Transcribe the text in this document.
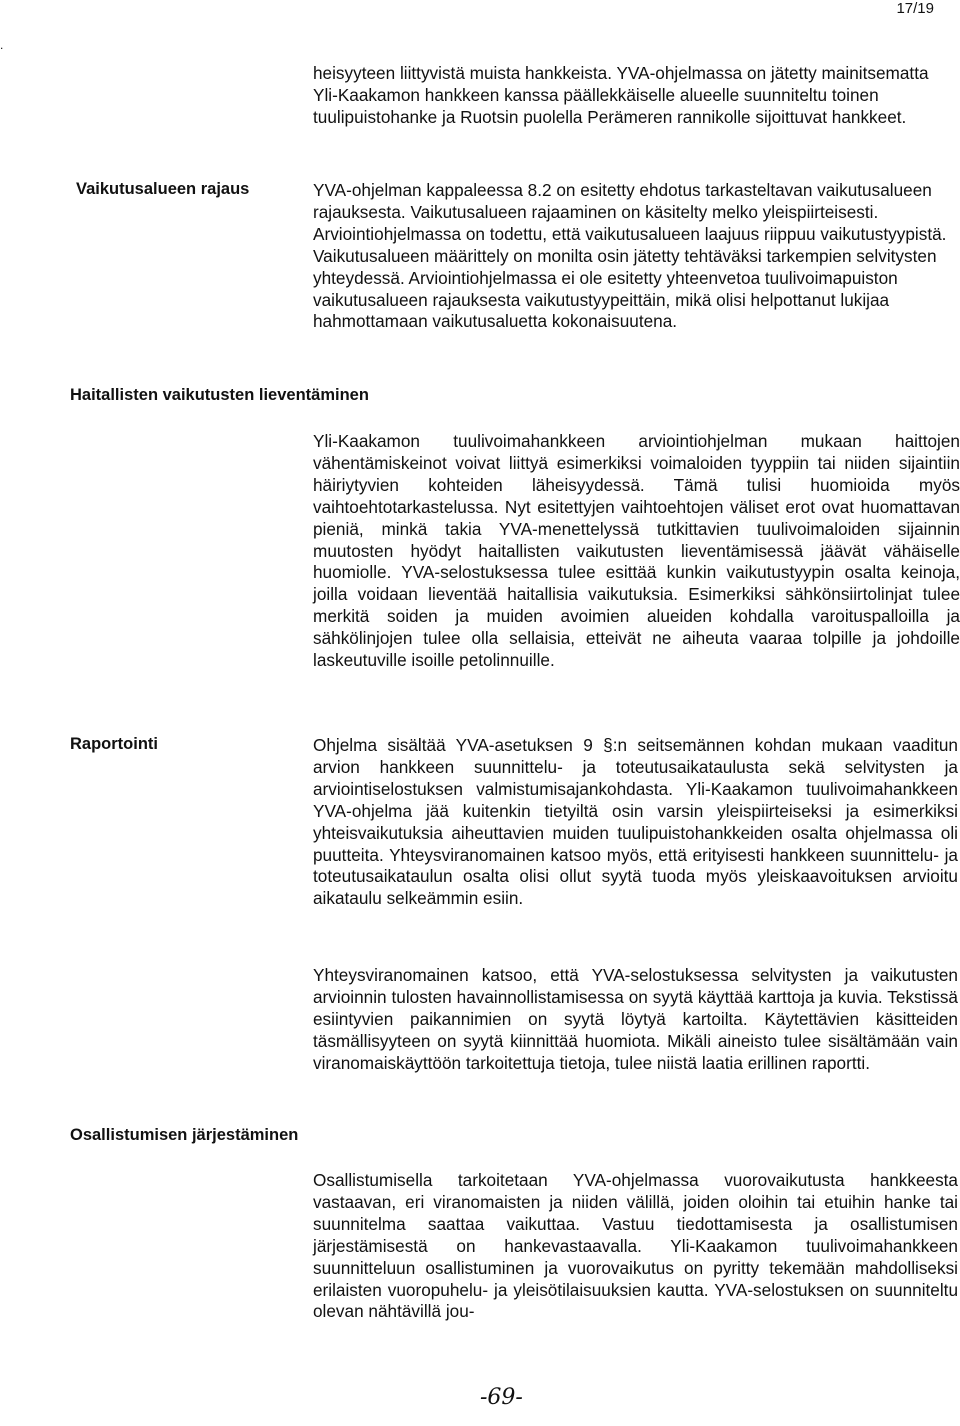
17/19
.

heisyyteen liittyvistä muista hankkeista. YVA-ohjelmassa on jätetty mainitsematta Yli-Kaakamon hankkeen kanssa päällekkäiselle alueelle suunniteltu toinen tuulipuistohanke ja Ruotsin puolella Perämeren rannikolle sijoittuvat hankkeet.

Vaikutusalueen rajaus	YVA-ohjelman kappaleessa 8.2 on esitetty ehdotus tarkasteltavan vaikutusalueen rajauksesta. Vaikutusalueen rajaaminen on käsitelty melko yleispiirteisesti. Arviointiohjelmassa on todettu, että vaikutusalueen laajuus riippuu vaikutustyypistä. Vaikutusalueen määrittely on monilta osin jätetty tehtäväksi tarkempien selvitysten yhteydessä. Arviointiohjelmassa ei ole esitetty yhteenvetoa tuulivoimapuiston vaikutusalueen rajauksesta vaikutustyypeittäin, mikä olisi helpottanut lukijaa hahmottamaan vaikutusaluetta kokonaisuutena.

Haitallisten vaikutusten lieventäminen

Yli-Kaakamon tuulivoimahankkeen arviointiohjelman mukaan haittojen vähentämiskeinot voivat liittyä esimerkiksi voimaloiden tyyppiin tai niiden sijaintiin häiriytyvien kohteiden läheisyydessä. Tämä tulisi huomioida myös vaihtoehtotarkastelussa. Nyt esitettyjen vaihtoehtojen väliset erot ovat huomattavan pieniä, minkä takia YVA-menettelyssä tutkittavien tuulivoimaloiden sijainnin muutosten hyödyt haitallisten vaikutusten lieventämisessä jäävät vähäiselle huomiolle. YVA-selostuksessa tulee esittää kunkin vaikutustyypin osalta keinoja, joilla voidaan lieventää haitallisia vaikutuksia. Esimerkiksi sähkönsiirtolinjat tulee merkitä soiden ja muiden avoimien alueiden kohdalla varoituspalloilla ja sähkölinjojen tulee olla sellaisia, etteivät ne aiheuta vaaraa tolpille ja johdoille laskeutuville isoille petolinnuille.

Raportointi	Ohjelma sisältää YVA-asetuksen 9 §:n seitsemännen kohdan mukaan vaaditun arvion hankkeen suunnittelu- ja toteutusaikataulusta sekä selvitysten ja arviointiselostuksen valmistumisajankohdasta. Yli-Kaakamon tuulivoimahankkeen YVA-ohjelma jää kuitenkin tietyiltä osin varsin yleispiirteiseksi ja esimerkiksi yhteisvaikutuksia aiheuttavien muiden tuulipuistohankkeiden osalta ohjelmassa oli puutteita. Yhteysviranomainen katsoo myös, että erityisesti hankkeen suunnittelu- ja toteutusaikataulun osalta olisi ollut syytä tuoda myös yleiskaavoituksen arvioitu aikataulu selkeämmin esiin.

Yhteysviranomainen katsoo, että YVA-selostuksessa selvitysten ja vaikutusten arvioinnin tulosten havainnollistamisessa on syytä käyttää karttoja ja kuvia. Tekstissä esiintyvien paikannimien on syytä löytyä kartoilta. Käytettävien käsitteiden täsmällisyyteen on syytä kiinnittää huomiota. Mikäli aineisto tulee sisältämään vain viranomaiskäyttöön tarkoitettuja tietoja, tulee niistä laatia erillinen raportti.

Osallistumisen järjestäminen

Osallistumisella tarkoitetaan YVA-ohjelmassa vuorovaikutusta hankkeesta vastaavan, eri viranomaisten ja niiden välillä, joiden oloihin tai etuihin hanke tai suunnitelma saattaa vaikuttaa. Vastuu tiedottamisesta ja osallistumisen järjestämisestä on hankevastaavalla. Yli-Kaakamon tuulivoimahankkeen suunnitteluun osallistuminen ja vuorovaikutus on pyritty tekemään mahdolliseksi erilaisten vuoropuhelu- ja yleisötilaisuuksien kautta. YVA-selostuksen on suunniteltu olevan nähtävillä jou-

-69-
